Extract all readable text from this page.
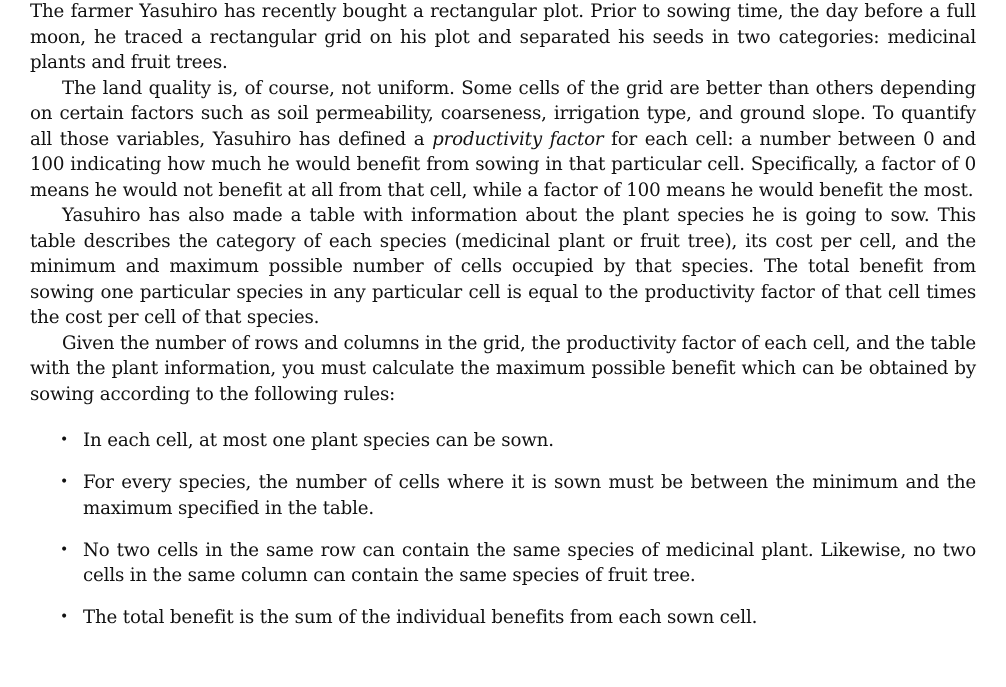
The farmer Yasuhiro has recently bought a rectangular plot. Prior to sowing time, the day before a full moon, he traced a rectangular grid on his plot and separated his seeds in two categories: medicinal plants and fruit trees.

The land quality is, of course, not uniform. Some cells of the grid are better than others depending on certain factors such as soil permeability, coarseness, irrigation type, and ground slope. To quantify all those variables, Yasuhiro has defined a productivity factor for each cell: a number between 0 and 100 indicating how much he would benefit from sowing in that particular cell. Specifically, a factor of 0 means he would not benefit at all from that cell, while a factor of 100 means he would benefit the most.

Yasuhiro has also made a table with information about the plant species he is going to sow. This table describes the category of each species (medicinal plant or fruit tree), its cost per cell, and the minimum and maximum possible number of cells occupied by that species. The total benefit from sowing one particular species in any particular cell is equal to the productivity factor of that cell times the cost per cell of that species.

Given the number of rows and columns in the grid, the productivity factor of each cell, and the table with the plant information, you must calculate the maximum possible benefit which can be obtained by sowing according to the following rules:

• In each cell, at most one plant species can be sown.
• For every species, the number of cells where it is sown must be between the minimum and the maximum specified in the table.
• No two cells in the same row can contain the same species of medicinal plant. Likewise, no two cells in the same column can contain the same species of fruit tree.
• The total benefit is the sum of the individual benefits from each sown cell.
